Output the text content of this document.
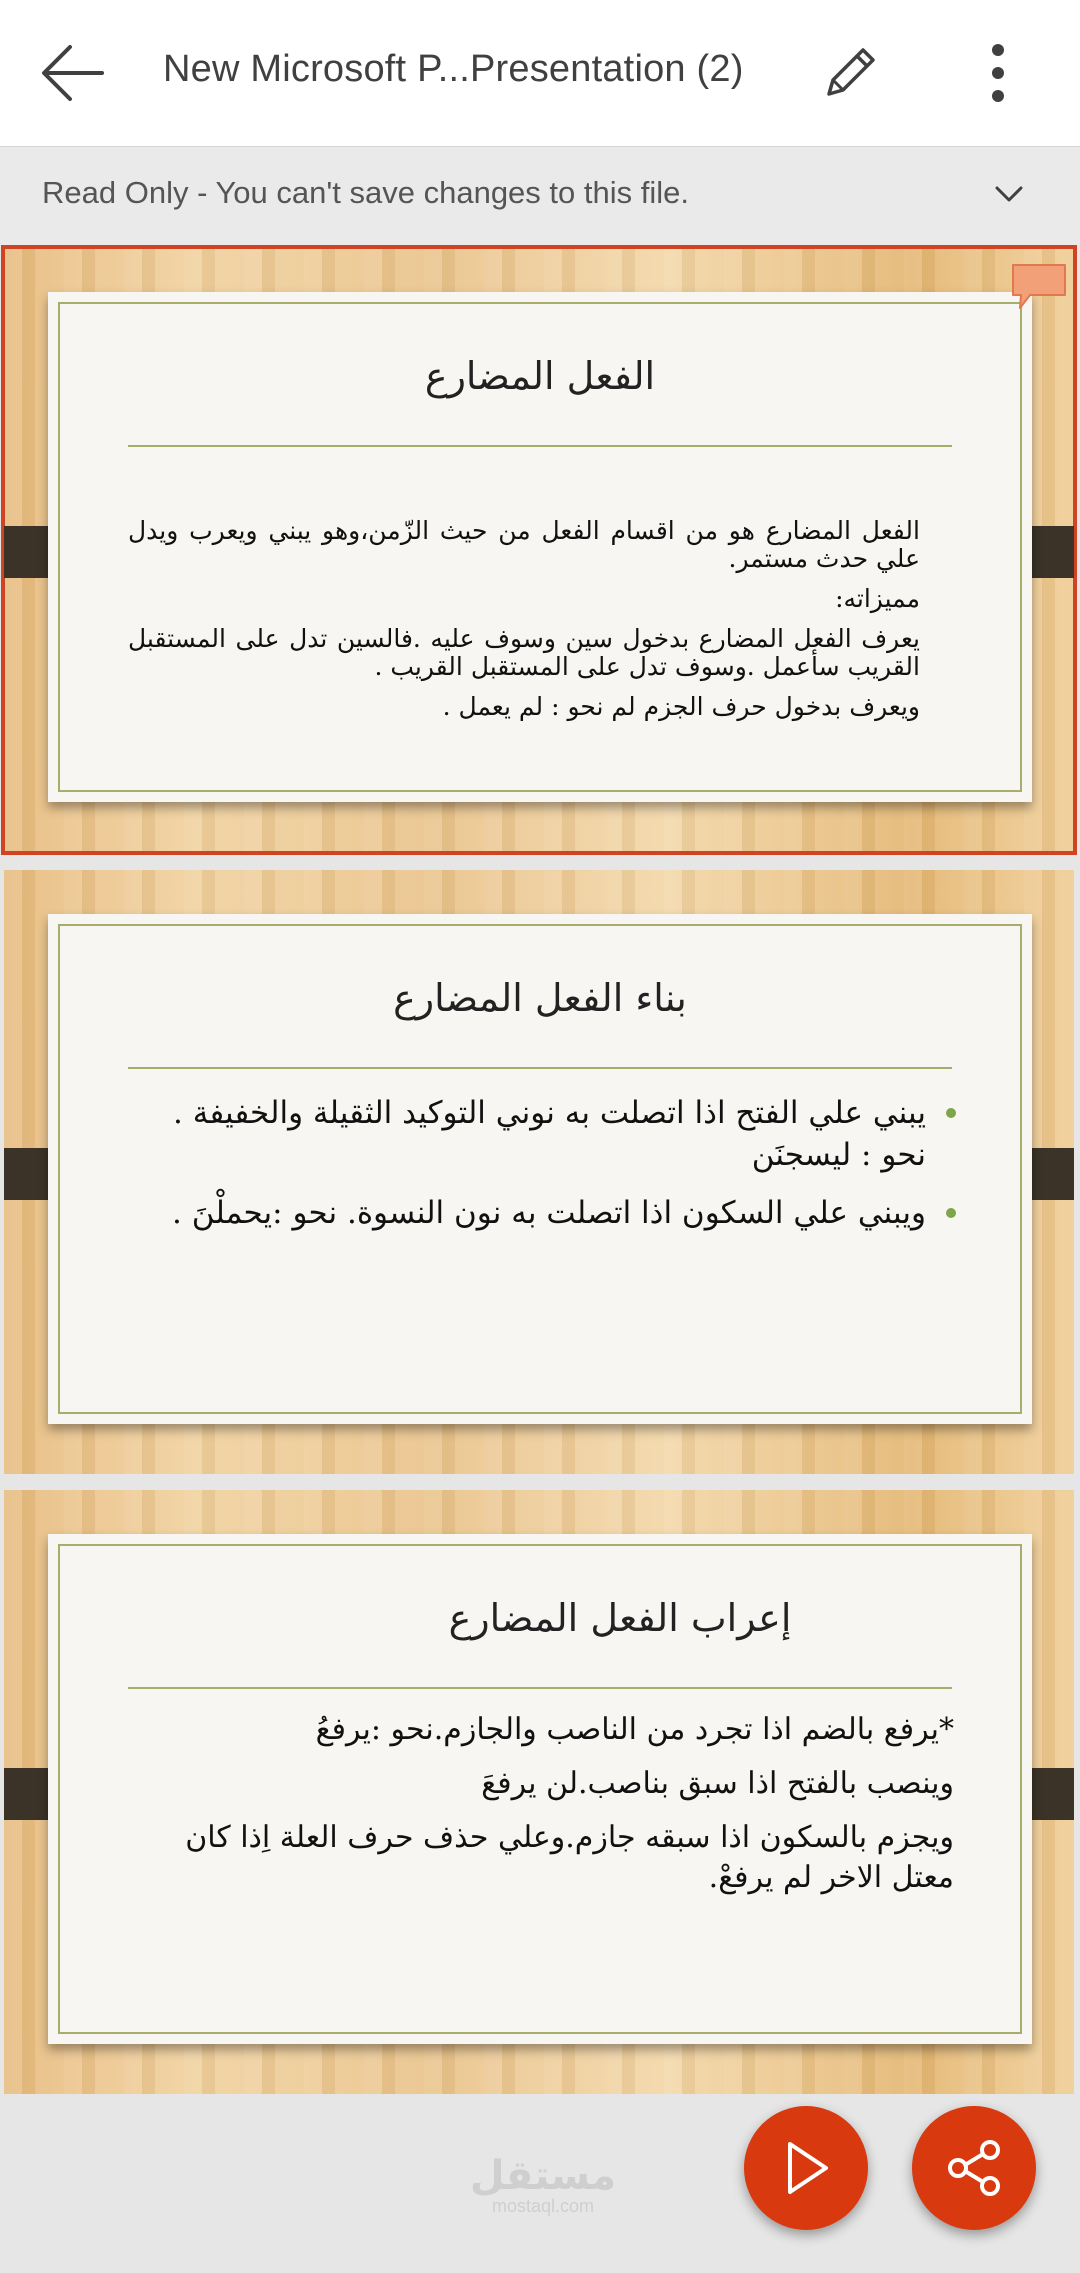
New Microsoft P...Presentation (2)
Read Only - You can't save changes to this file.
الفعل المضارع

الفعل المضارع هو من اقسام الفعل من حيث الزّمن،وهو يبني ويعرب ويدل علي حدث مستمر.

مميزاته:

يعرف الفعل المضارع بدخول سين وسوف عليه .فالسين تدل على المستقبل القريب سأعمل .وسوف تدل على المستقبل القريب .

ويعرف بدخول حرف الجزم لم نحو : لم يعمل .

بناء الفعل المضارع

يبني علي الفتح اذا اتصلت به نوني التوكيد الثقيلة والخفيفة . نحو : ليسجنَن

ويبني علي السكون اذا اتصلت به نون النسوة. نحو :يحملْنَ .

إعراب الفعل المضارع

*يرفع بالضم اذا تجرد من الناصب والجازم.نحو :يرفعُ

وينصب بالفتح اذا سبق بناصب.لن يرفعَ

ويجزم بالسكون اذا سبقه جازم.وعلي حذف حرف العلة اِذا كان معتل الاخر لم يرفعْ.

مستقل
mostaql.com
